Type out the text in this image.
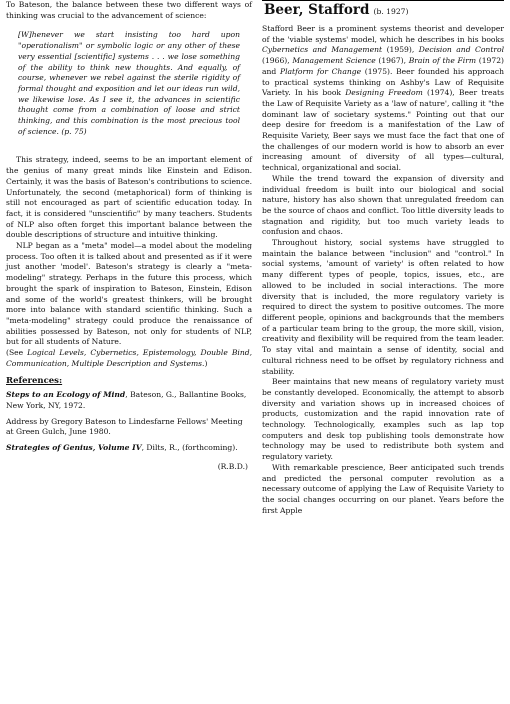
To Bateson, the balance between these two different ways of thinking was crucial to the advancement of science:

[W]henever we start insisting too hard upon "operationalism" or symbolic logic or any other of these very essential [scientific] systems . . . we lose something of the ability to think new thoughts. And equally, of course, whenever we rebel against the sterile rigidity of formal thought and exposition and let our ideas run wild, we likewise lose. As I see it, the advances in scientific thought come from a combination of loose and strict thinking, and this combination is the most precious tool of science. (p. 75)

This strategy, indeed, seems to be an important element of the genius of many great minds like Einstein and Edison. Certainly, it was the basis of Bateson's contributions to science. Unfortunately, the second (metaphorical) form of thinking is still not encouraged as part of scientific education today. In fact, it is considered "unscientific" by many teachers. Students of NLP also often forget this important balance between the double descriptions of structure and intuitive thinking.

NLP began as a "meta" model—a model about the modeling process. Too often it is talked about and presented as if it were just another 'model'. Bateson's strategy is clearly a "meta-modeling" strategy. Perhaps in the future this process, which brought the spark of inspiration to Bateson, Einstein, Edison and some of the world's greatest thinkers, will be brought more into balance with standard scientific thinking. Such a "meta-modeling" strategy could produce the renaissance of abilities possessed by Bateson, not only for students of NLP, but for all students of Nature.

(See Logical Levels, Cybernetics, Epistemology, Double Bind, Communication, Multiple Description and Systems.)

References:

Steps to an Ecology of Mind, Bateson, G., Ballantine Books, New York, NY, 1972.

Address by Gregory Bateson to Lindesfarne Fellows' Meeting at Green Gulch, June 1980.

Strategies of Genius, Volume IV, Dilts, R., (forthcoming).

(R.B.D.)

Beer, Stafford (b. 1927)

Stafford Beer is a prominent systems theorist and developer of the 'viable systems' model, which he describes in his books Cybernetics and Management (1959), Decision and Control (1966), Management Science (1967), Brain of the Firm (1972) and Platform for Change (1975). Beer founded his approach to practical systems thinking on Ashby's Law of Requisite Variety. In his book Designing Freedom (1974), Beer treats the Law of Requisite Variety as a 'law of nature', calling it "the dominant law of societary systems." Pointing out that our deep desire for freedom is a manifestation of the Law of Requisite Variety, Beer says we must face the fact that one of the challenges of our modern world is how to absorb an ever increasing amount of diversity of all types—cultural, technical, organizational and social.

While the trend toward the expansion of diversity and individual freedom is built into our biological and social nature, history has also shown that unregulated freedom can be the source of chaos and conflict. Too little diversity leads to stagnation and rigidity, but too much variety leads to confusion and chaos.

Throughout history, social systems have struggled to maintain the balance between "inclusion" and "control." In social systems, 'amount of variety' is often related to how many different types of people, topics, issues, etc., are allowed to be included in social interactions. The more diversity that is included, the more regulatory variety is required to direct the system to positive outcomes. The more different people, opinions and backgrounds that the members of a particular team bring to the group, the more skill, vision, creativity and flexibility will be required from the team leader. To stay vital and maintain a sense of identity, social and cultural richness need to be offset by regulatory richness and stability.

Beer maintains that new means of regulatory variety must be constantly developed. Economically, the attempt to absorb diversity and variation shows up in increased choices of products, customization and the rapid innovation rate of technology. Technologically, examples such as lap top computers and desk top publishing tools demonstrate how technology may be used to redistribute both system and regulatory variety.

With remarkable prescience, Beer anticipated such trends and predicted the personal computer revolution as a necessary outcome of applying the Law of Requisite Variety to the social changes occurring on our planet. Years before the first Apple
